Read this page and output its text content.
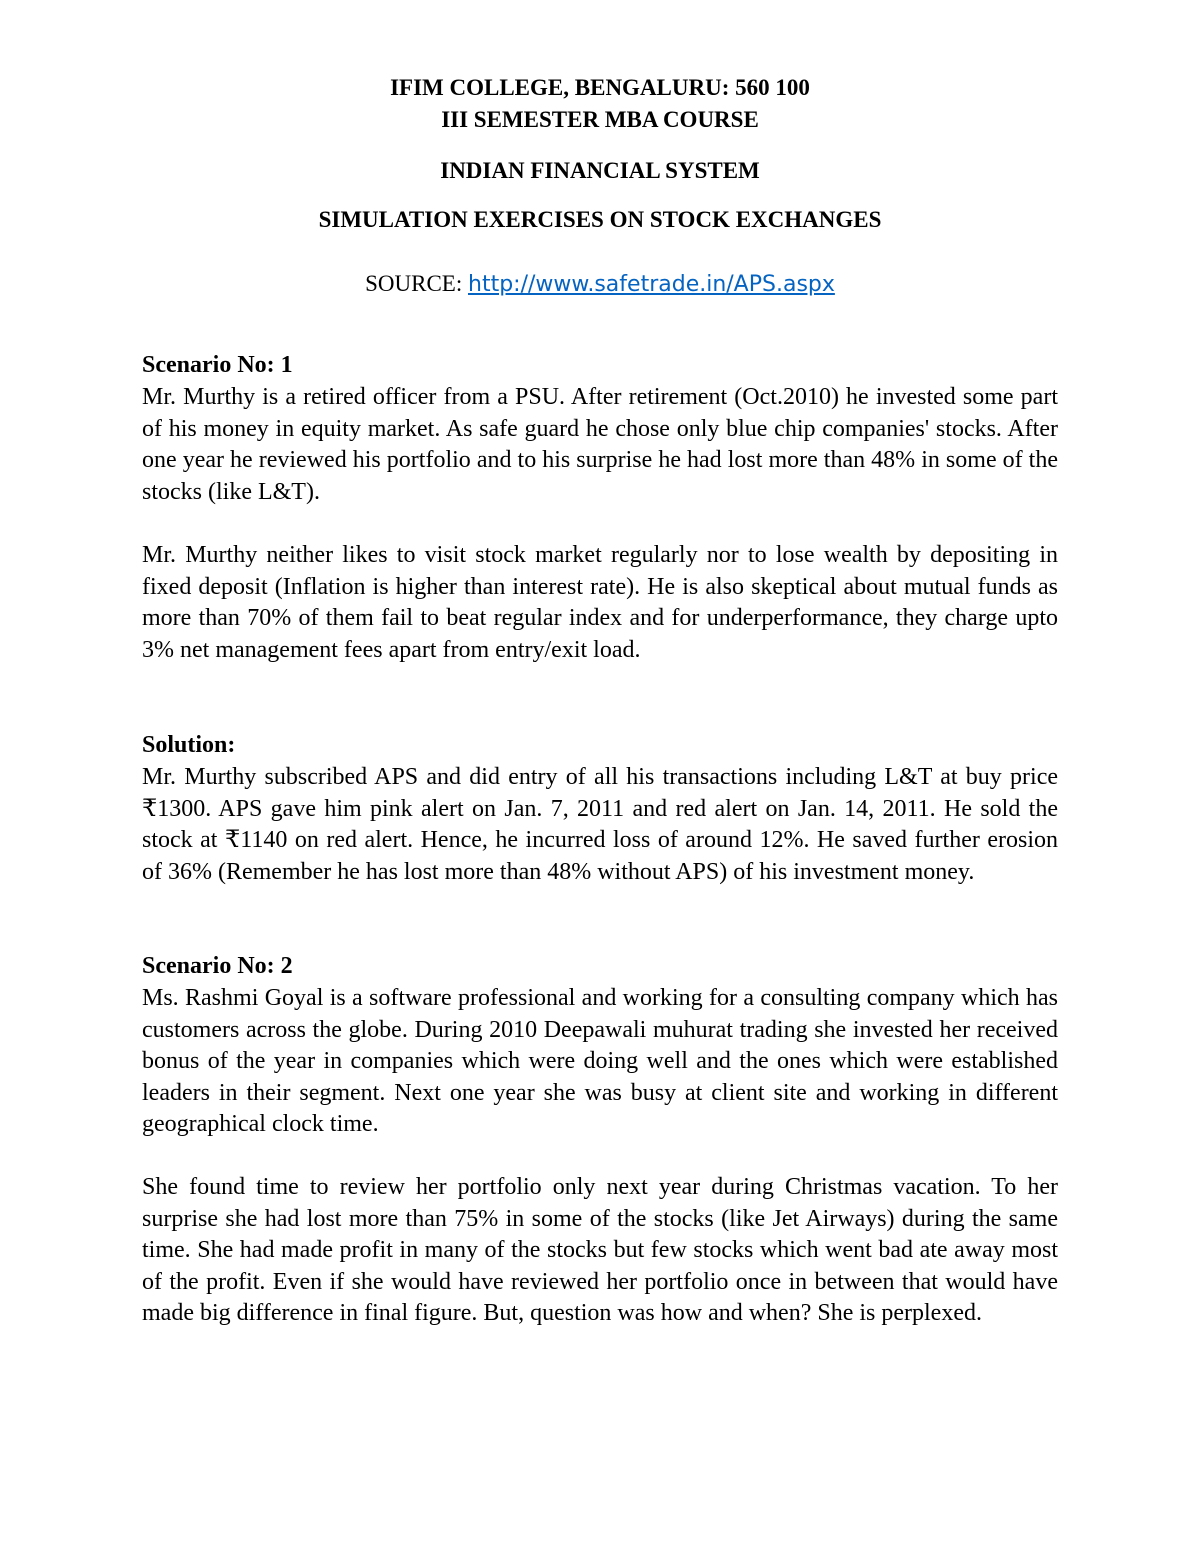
IFIM COLLEGE, BENGALURU: 560 100
III SEMESTER MBA COURSE
INDIAN FINANCIAL SYSTEM
SIMULATION EXERCISES ON STOCK EXCHANGES
SOURCE: http://www.safetrade.in/APS.aspx
Scenario No: 1
Mr. Murthy is a retired officer from a PSU. After retirement (Oct.2010) he invested some part of his money in equity market. As safe guard he chose only blue chip companies' stocks. After one year he reviewed his portfolio and to his surprise he had lost more than 48% in some of the stocks (like L&T).
Mr. Murthy neither likes to visit stock market regularly nor to lose wealth by depositing in fixed deposit (Inflation is higher than interest rate). He is also skeptical about mutual funds as more than 70% of them fail to beat regular index and for underperformance, they charge upto 3% net management fees apart from entry/exit load.
Solution:
Mr. Murthy subscribed APS and did entry of all his transactions including L&T at buy price ₹1300. APS gave him pink alert on Jan. 7, 2011 and red alert on Jan. 14, 2011. He sold the stock at ₹1140 on red alert. Hence, he incurred loss of around 12%. He saved further erosion of 36% (Remember he has lost more than 48% without APS) of his investment money.
Scenario No: 2
Ms. Rashmi Goyal is a software professional and working for a consulting company which has customers across the globe. During 2010 Deepawali muhurat trading she invested her received bonus of the year in companies which were doing well and the ones which were established leaders in their segment. Next one year she was busy at client site and working in different geographical clock time.
She found time to review her portfolio only next year during Christmas vacation. To her surprise she had lost more than 75% in some of the stocks (like Jet Airways) during the same time. She had made profit in many of the stocks but few stocks which went bad ate away most of the profit. Even if she would have reviewed her portfolio once in between that would have made big difference in final figure. But, question was how and when? She is perplexed.
